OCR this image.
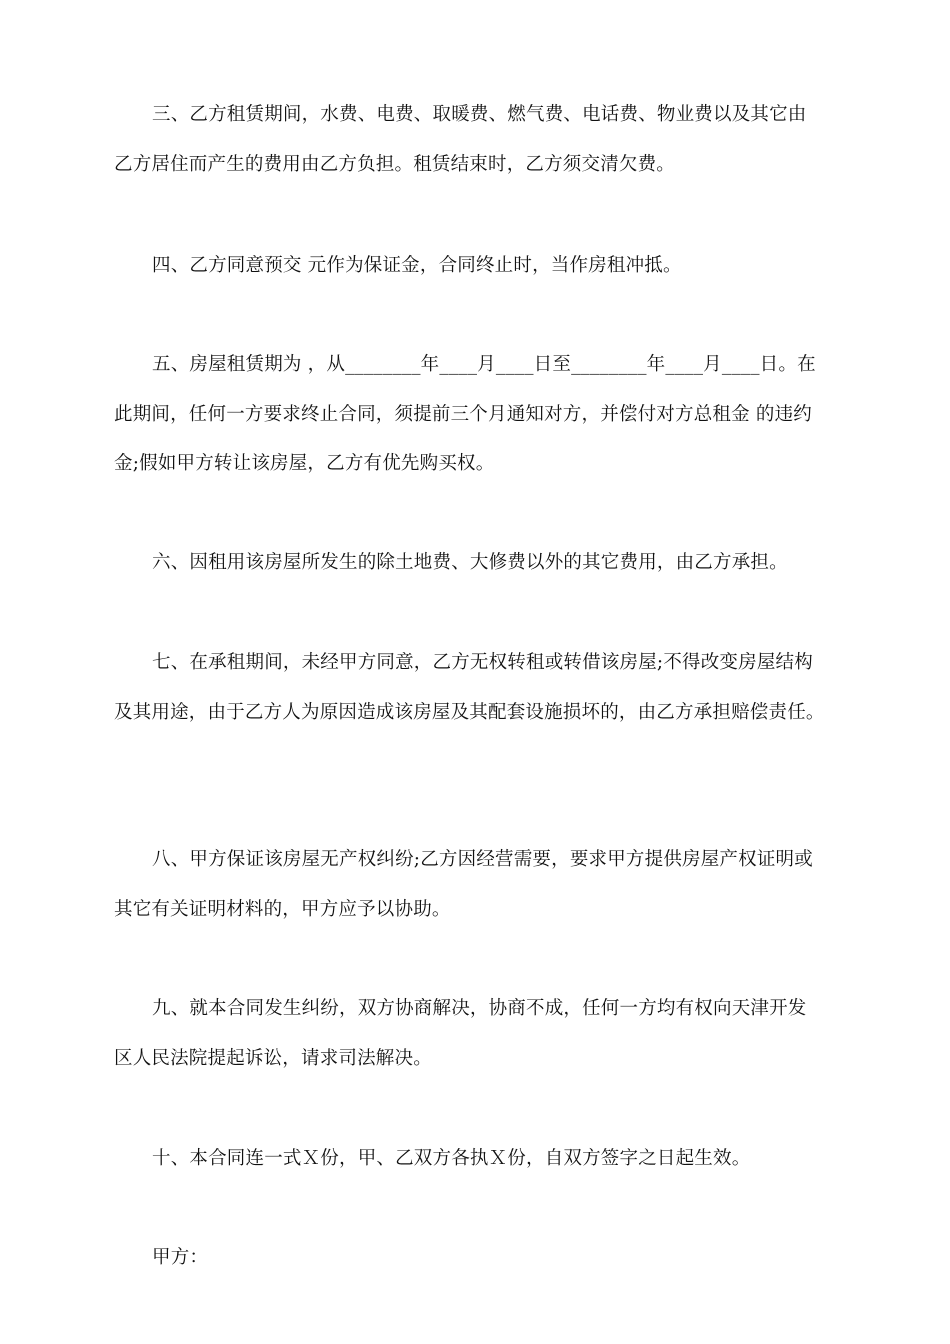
三、乙方租赁期间，水费、电费、取暖费、燃气费、电话费、物业费以及其它由
乙方居住而产生的费用由乙方负担。租赁结束时，乙方须交清欠费。
四、乙方同意预交 元作为保证金，合同终止时，当作房租冲抵。
五、房屋租赁期为 ，从________年____月____日至________年____月____日。在
此期间，任何一方要求终止合同，须提前三个月通知对方，并偿付对方总租金 的违约
金;假如甲方转让该房屋，乙方有优先购买权。
六、因租用该房屋所发生的除土地费、大修费以外的其它费用，由乙方承担。
七、在承租期间，未经甲方同意，乙方无权转租或转借该房屋;不得改变房屋结构
及其用途，由于乙方人为原因造成该房屋及其配套设施损坏的，由乙方承担赔偿责任。
八、甲方保证该房屋无产权纠纷;乙方因经营需要，要求甲方提供房屋产权证明或
其它有关证明材料的，甲方应予以协助。
九、就本合同发生纠纷，双方协商解决，协商不成，任何一方均有权向天津开发
区人民法院提起诉讼，请求司法解决。
十、本合同连一式Ｘ份，甲、乙双方各执Ｘ份，自双方签字之日起生效。
甲方：
